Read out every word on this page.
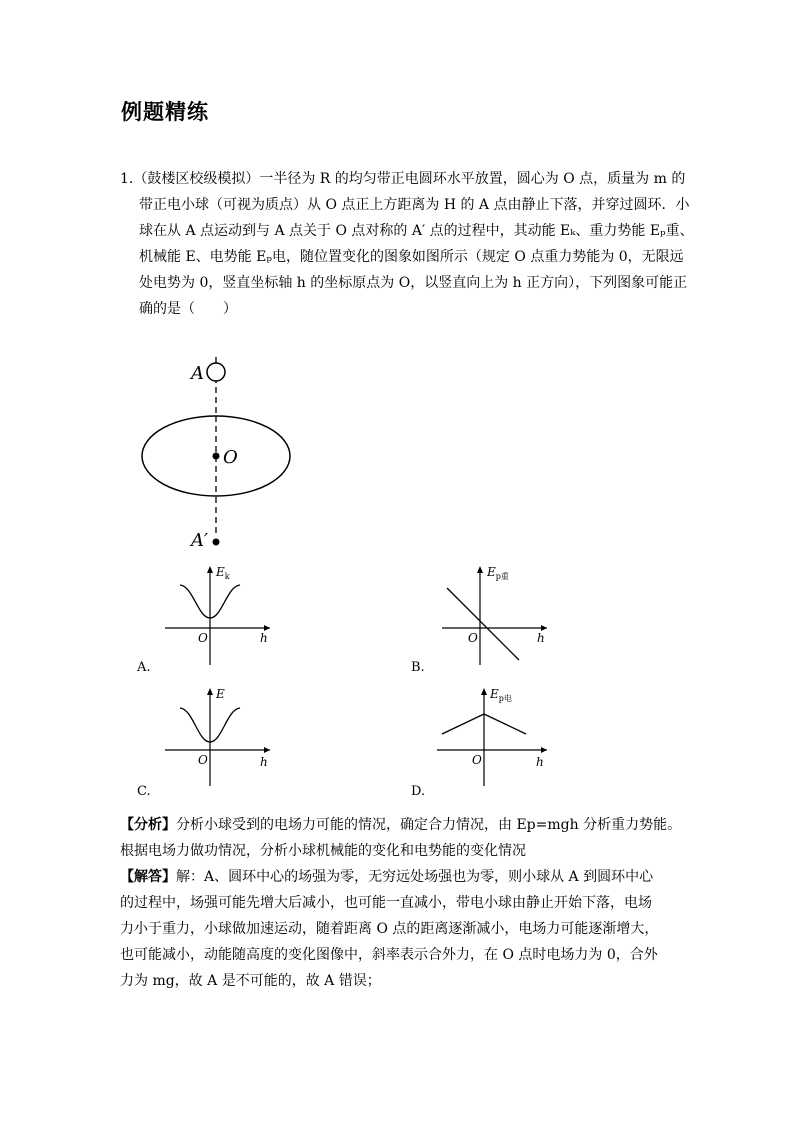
例题精练
1.（鼓楼区校级模拟）一半径为 R 的均匀带正电圆环水平放置，圆心为 O 点，质量为 m 的
带正电小球（可视为质点）从 O 点正上方距离为 H 的 A 点由静止下落，并穿过圆环．小
球在从 A 点运动到与 A 点关于 O 点对称的 A′ 点的过程中，其动能 Eₖ、重力势能 Eₚ重、
机械能 E、电势能 Eₚ电，随位置变化的图象如图所示（规定 O 点重力势能为 0，无限远
处电势为 0，竖直坐标轴 h 的坐标原点为 O，以竖直向上为 h 正方向），下列图象可能正
确的是（　　）
A
O
A′
$E_k$
O	h
A.
$E_{p重}$
O	h
B.
E
O	h
C.
$E_{p电}$
O	h
D.
【分析】分析小球受到的电场力可能的情况，确定合力情况，由 Ep=mgh 分析重力势能。
根据电场力做功情况，分析小球机械能的变化和电势能的变化情况
【解答】解：A、圆环中心的场强为零，无穷远处场强也为零，则小球从 A 到圆环中心
的过程中，场强可能先增大后减小，也可能一直减小，带电小球由静止开始下落，电场
力小于重力，小球做加速运动，随着距离 O 点的距离逐渐减小，电场力可能逐渐增大，
也可能减小，动能随高度的变化图像中，斜率表示合外力，在 O 点时电场力为 0，合外
力为 mg，故 A 是不可能的，故 A 错误；
